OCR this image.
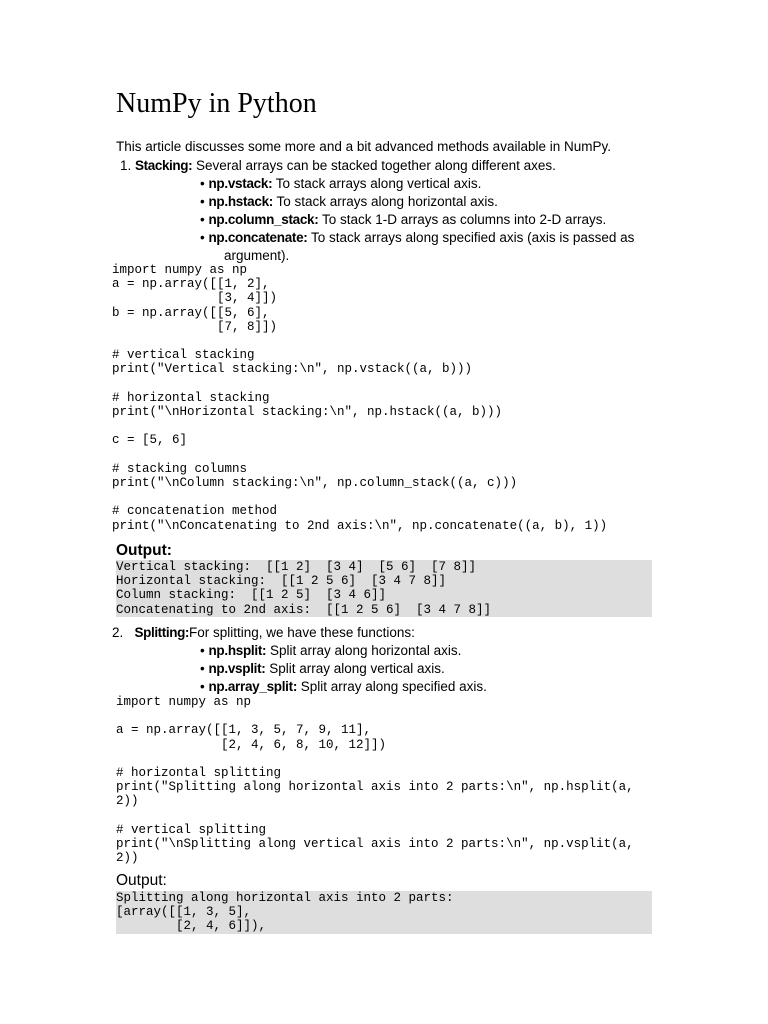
NumPy in Python
This article discusses some more and a bit advanced methods available in NumPy.
1. Stacking: Several arrays can be stacked together along different axes.
• np.vstack: To stack arrays along vertical axis.
• np.hstack: To stack arrays along horizontal axis.
• np.column_stack: To stack 1-D arrays as columns into 2-D arrays.
• np.concatenate: To stack arrays along specified axis (axis is passed as
argument).
import numpy as np
a = np.array([[1, 2],
[3, 4]])
b = np.array([[5, 6],
[7, 8]])

# vertical stacking
print("Vertical stacking:\n", np.vstack((a, b)))

# horizontal stacking
print("\nHorizontal stacking:\n", np.hstack((a, b)))

c = [5, 6]

# stacking columns
print("\nColumn stacking:\n", np.column_stack((a, c)))

# concatenation method
print("\nConcatenating to 2nd axis:\n", np.concatenate((a, b), 1))
Output:
Vertical stacking:  [[1 2]  [3 4]  [5 6]  [7 8]]
Horizontal stacking:  [[1 2 5 6]  [3 4 7 8]]
Column stacking:  [[1 2 5]  [3 4 6]]
Concatenating to 2nd axis:  [[1 2 5 6]  [3 4 7 8]]
2. Splitting:For splitting, we have these functions:
• np.hsplit: Split array along horizontal axis.
• np.vsplit: Split array along vertical axis.
• np.array_split: Split array along specified axis.
import numpy as np

a = np.array([[1, 3, 5, 7, 9, 11],
[2, 4, 6, 8, 10, 12]])

# horizontal splitting
print("Splitting along horizontal axis into 2 parts:\n", np.hsplit(a,
2))

# vertical splitting
print("\nSplitting along vertical axis into 2 parts:\n", np.vsplit(a,
2))
Output:
Splitting along horizontal axis into 2 parts:
[array([[1, 3, 5],
[2, 4, 6]]),
